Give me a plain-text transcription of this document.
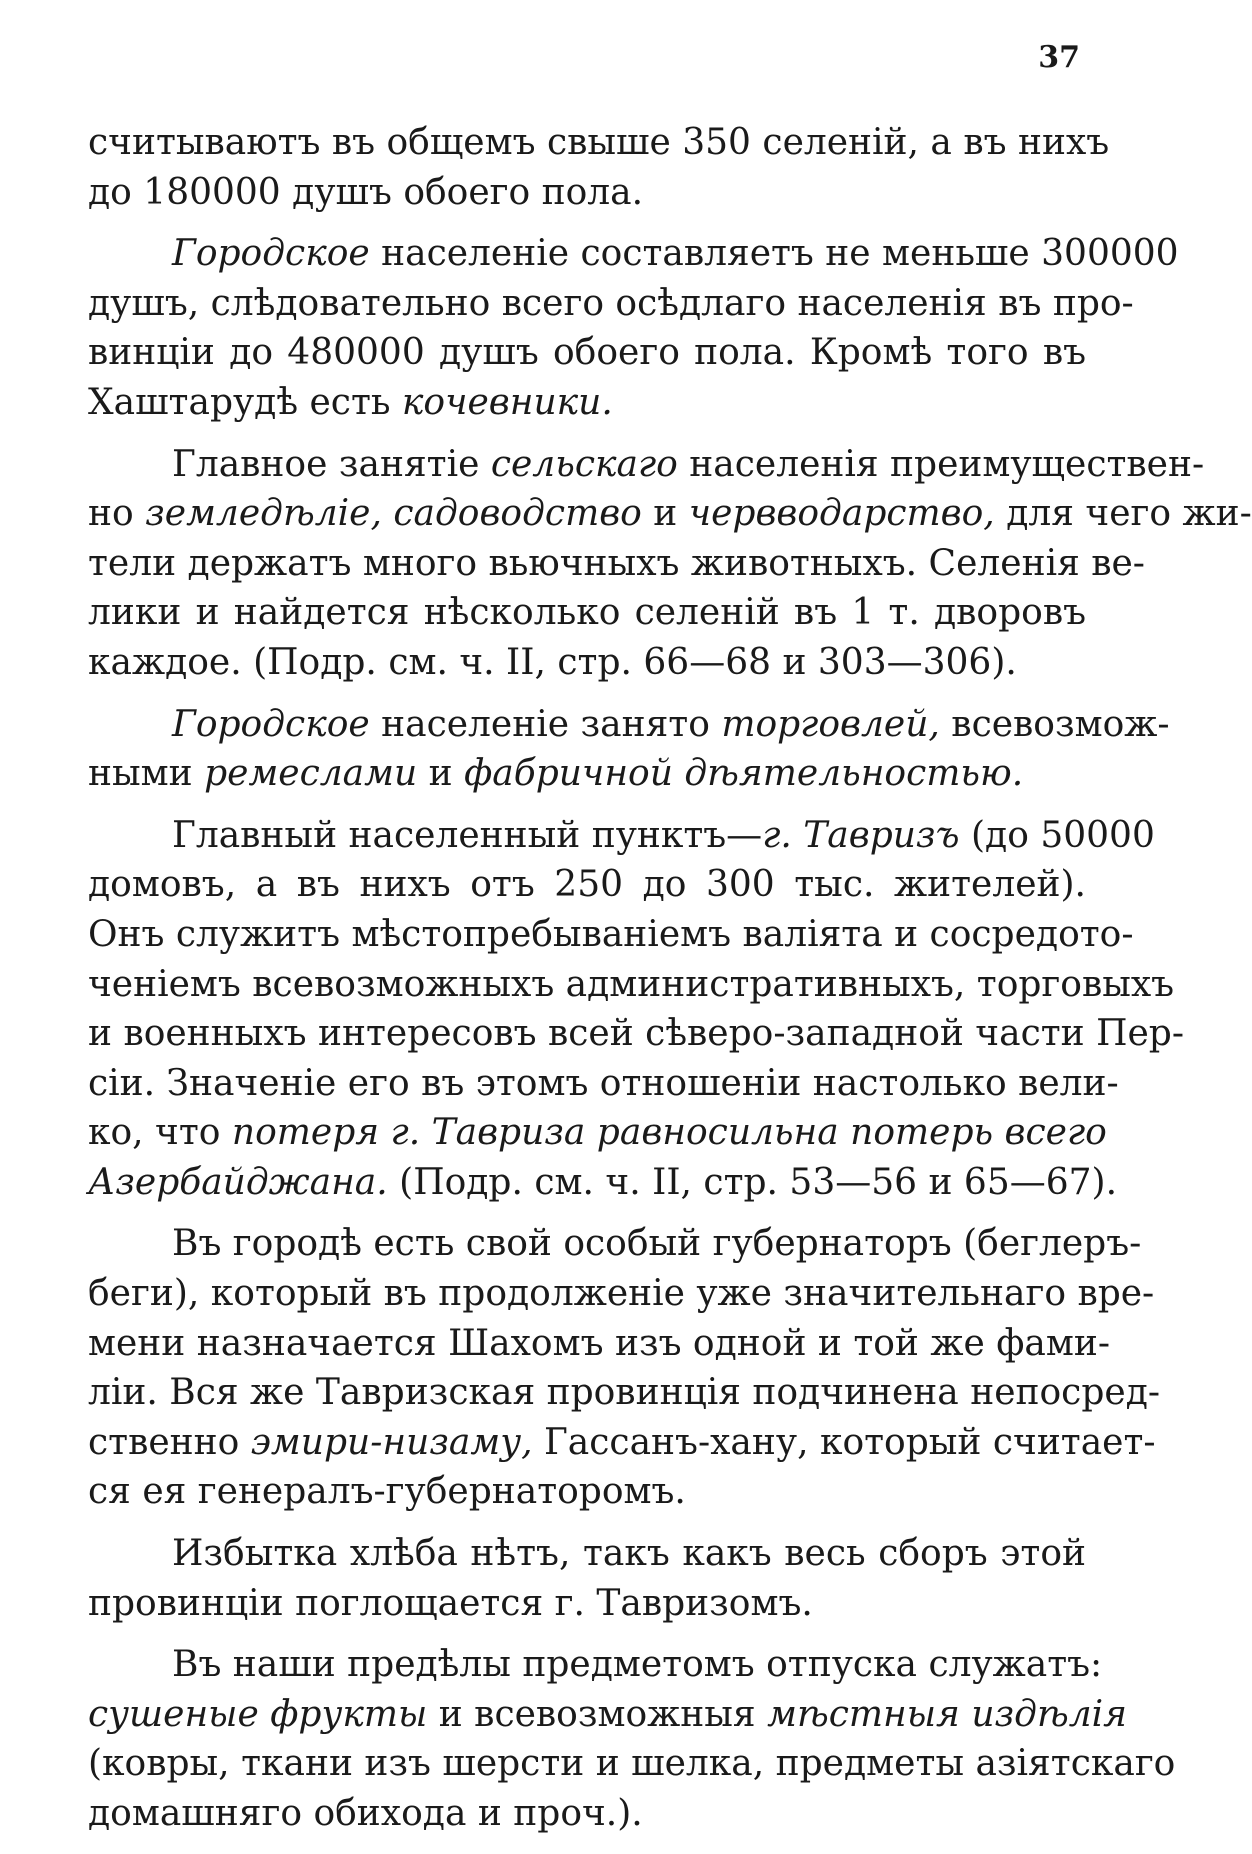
37
считываютъ въ общемъ свыше 350 селеній, а въ нихъ
до 180000 душъ обоего пола.
Городское населеніе составляетъ не меньше 300000
душъ, слѣдовательно всего осѣдлаго населенія въ про-
винціи до 480000 душъ обоего пола. Кромѣ того въ
Хаштарудѣ есть кочевники.
Главное занятіе сельскаго населенія преимуществен-
но земледѣліе, садоводство и червводарство, для чего жи-
тели держатъ много вьючныхъ животныхъ. Селенія ве-
лики и найдется нѣсколько селеній въ 1 т. дворовъ
каждое. (Подр. см. ч. II, стр. 66—68 и 303—306).
Городское населеніе занято торговлей, всевозмож-
ными ремеслами и фабричной дѣятельностью.
Главный населенный пунктъ—г. Тавризъ (до 50000
домовъ, а въ нихъ отъ 250 до 300 тыс. жителей).
Онъ служитъ мѣстопребываніемъ валіята и сосредото-
ченіемъ всевозможныхъ административныхъ, торговыхъ
и военныхъ интересовъ всей сѣверо-западной части Пер-
сіи. Значеніе его въ этомъ отношеніи настолько вели-
ко, что потеря г. Тавриза равносильна потерь всего
Азербайджана. (Подр. см. ч. II, стр. 53—56 и 65—67).
Въ городѣ есть свой особый губернаторъ (беглеръ-
беги), который въ продолженіе уже значительнаго вре-
мени назначается Шахомъ изъ одной и той же фами-
ліи. Вся же Тавризская провинція подчинена непосред-
ственно эмири-низаму, Гассанъ-хану, который считает-
ся ея генералъ-губернаторомъ.
Избытка хлѣба нѣтъ, такъ какъ весь сборъ этой
провинціи поглощается г. Тавризомъ.
Въ наши предѣлы предметомъ отпуска служатъ:
сушеные фрукты и всевозможныя мѣстныя издѣлія
(ковры, ткани изъ шерсти и шелка, предметы азіятскаго
домашняго обихода и проч.).
